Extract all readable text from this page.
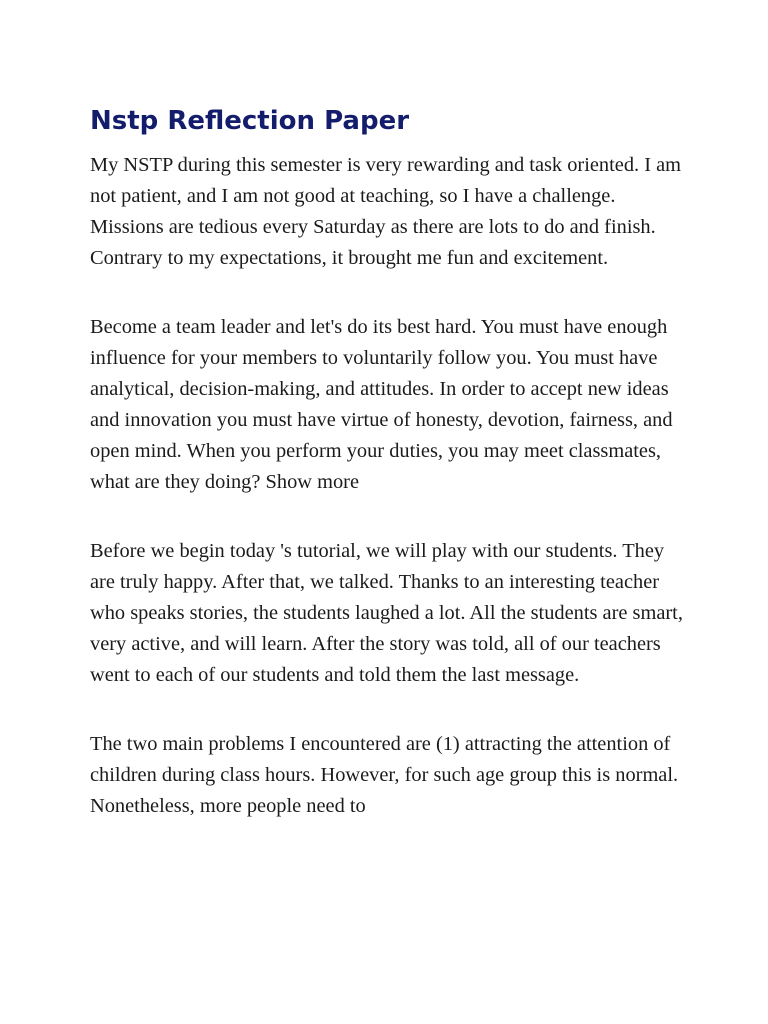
Nstp Reflection Paper

My NSTP during this semester is very rewarding and task oriented. I am not patient, and I am not good at teaching, so I have a challenge. Missions are tedious every Saturday as there are lots to do and finish. Contrary to my expectations, it brought me fun and excitement.

Become a team leader and let's do its best hard. You must have enough influence for your members to voluntarily follow you. You must have analytical, decision-making, and attitudes. In order to accept new ideas and innovation you must have virtue of honesty, devotion, fairness, and open mind. When you perform your duties, you may meet classmates, what are they doing? Show more

Before we begin today 's tutorial, we will play with our students. They are truly happy. After that, we talked. Thanks to an interesting teacher who speaks stories, the students laughed a lot. All the students are smart, very active, and will learn. After the story was told, all of our teachers went to each of our students and told them the last message.

The two main problems I encountered are (1) attracting the attention of children during class hours. However, for such age group this is normal. Nonetheless, more people need to
